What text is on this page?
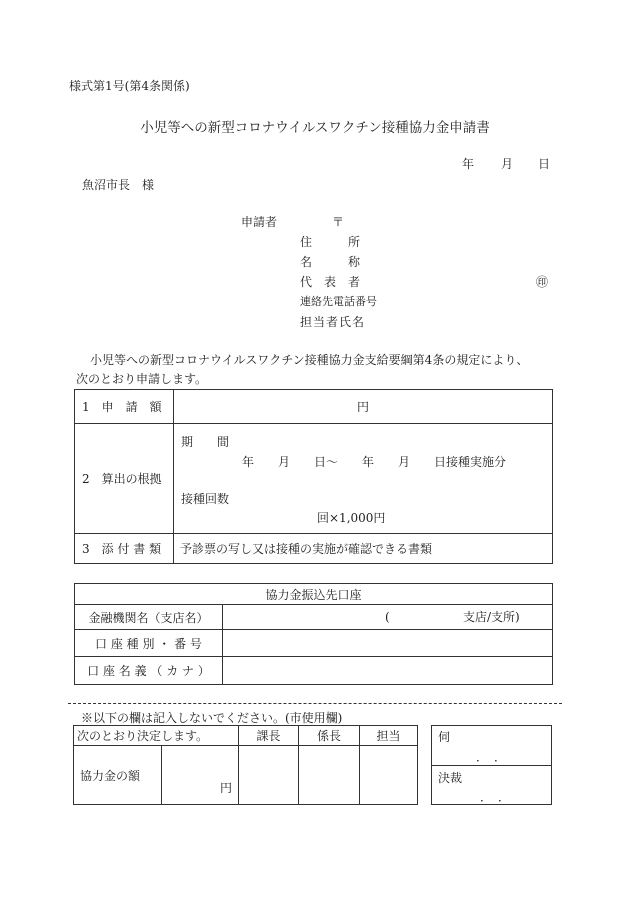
様式第1号(第4条関係)
小児等への新型コロナウイルスワクチン接種協力金申請書
年 月 日
魚沼市長　様
申請者	〒
住　　　所
名　　　称
代　表　者	㊞
連絡先電話番号
担当者氏名
小児等への新型コロナウイルスワクチン接種協力金支給要綱第4条の規定により、
次のとおり申請します。
1　申　請　額	円
2　算出の根拠	期　　間
年　　月　　日～　　年　　月　　日接種実施分
接種回数
回×1,000円

3　添 付 書 類	予診票の写し又は接種の実施が確認できる書類
協力金振込先口座	
金融機関名（支店名）	( 支店/支所)

口 座 種 別 ・ 番 号	
口 座 名 義 （ カ ナ ）	
※以下の欄は記入しないでください。(市使用欄)
次のとおり決定します。		課長	係長	担当
協力金の額	円			

伺
．　．

決裁
．　．
